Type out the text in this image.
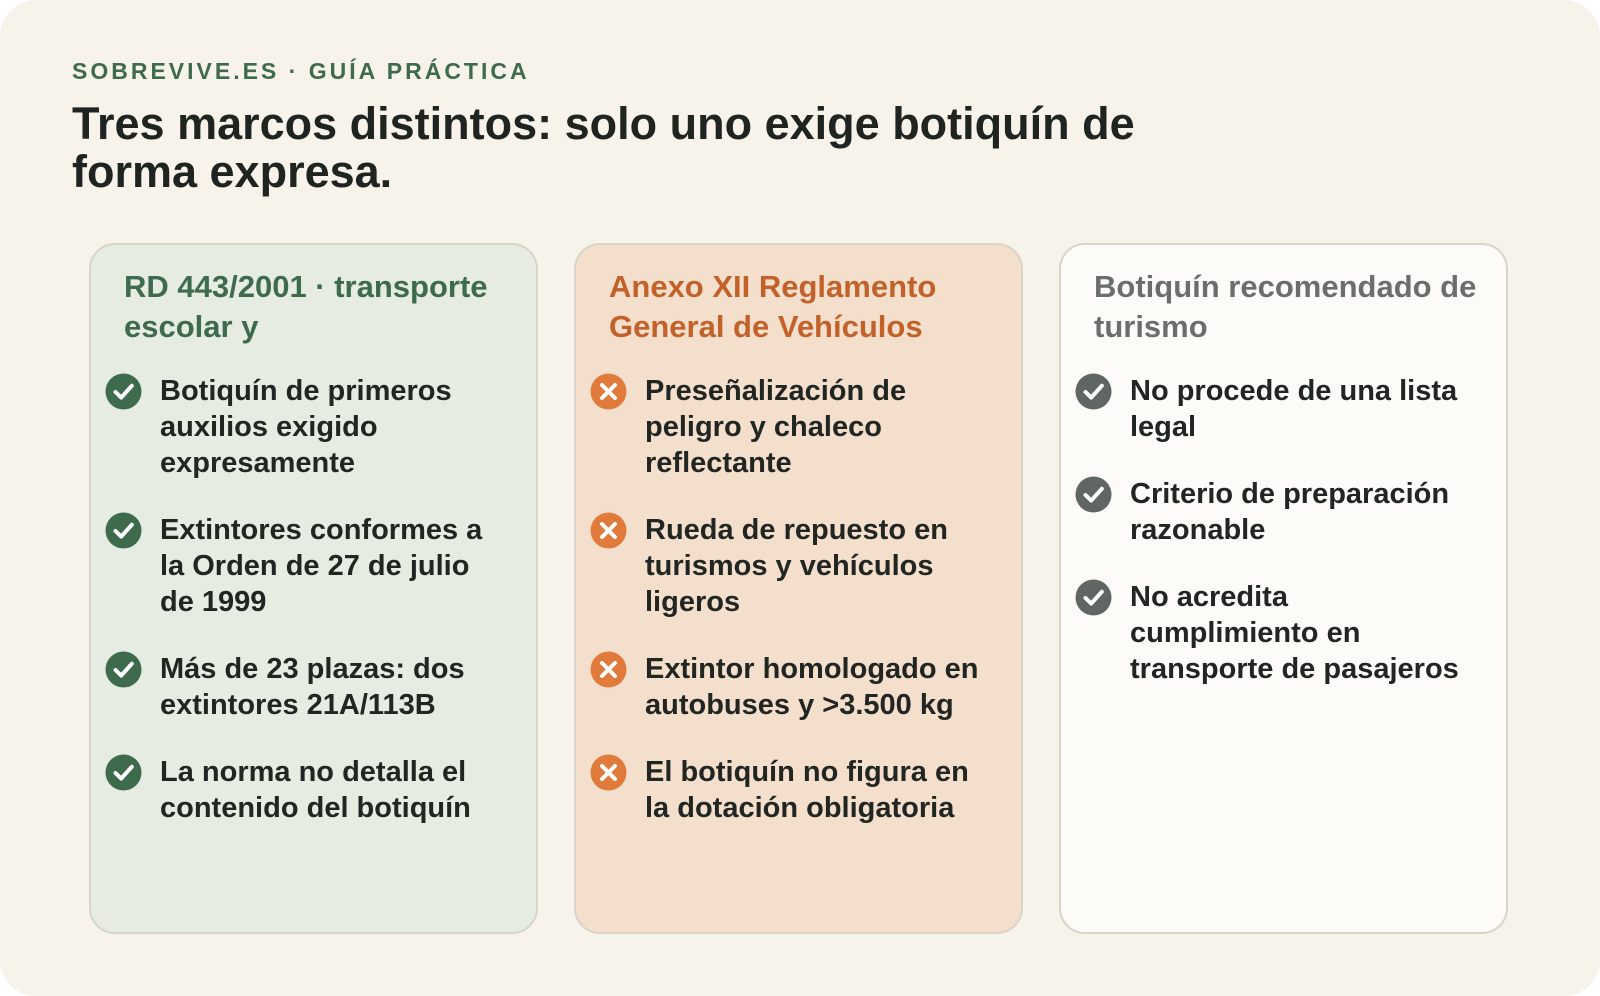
SOBREVIVE.ES · GUÍA PRÁCTICA
Tres marcos distintos: solo uno exige botiquín de forma expresa.
RD 443/2001 · transporte escolar y
Botiquín de primeros auxilios exigido expresamente
Extintores conformes a la Orden de 27 de julio de 1999
Más de 23 plazas: dos extintores 21A/113B
La norma no detalla el contenido del botiquín
Anexo XII Reglamento General de Vehículos
Preseñalización de peligro y chaleco reflectante
Rueda de repuesto en turismos y vehículos ligeros
Extintor homologado en autobuses y >3.500 kg
El botiquín no figura en la dotación obligatoria
Botiquín recomendado de turismo
No procede de una lista legal
Criterio de preparación razonable
No acredita cumplimiento en transporte de pasajeros
